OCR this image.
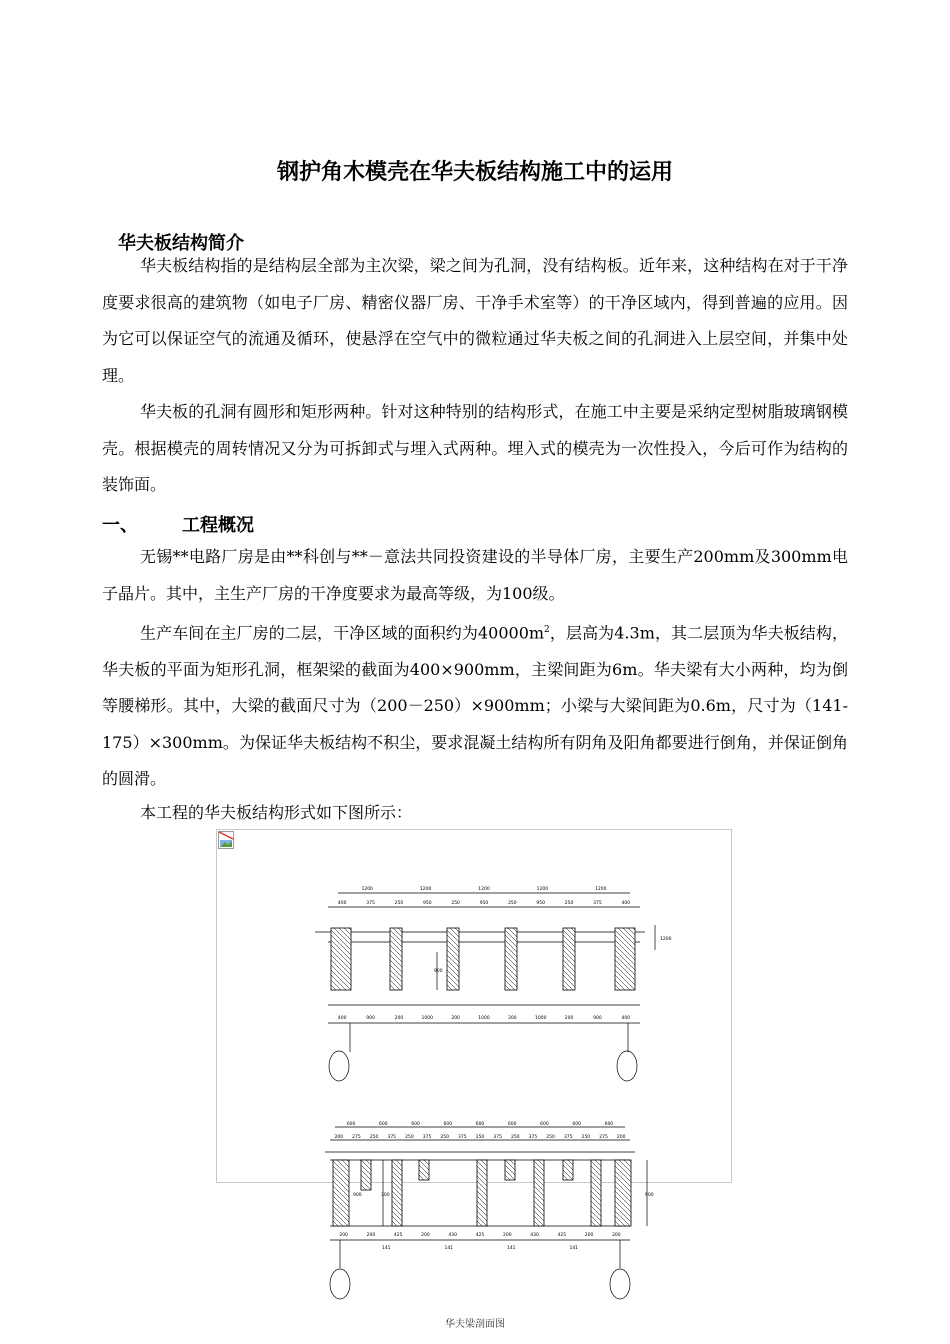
钢护角木模壳在华夫板结构施工中的运用
华夫板结构简介
华夫板结构指的是结构层全部为主次梁，梁之间为孔洞，没有结构板。近年来，这种结构在对于干净度要求很高的建筑物（如电子厂房、精密仪器厂房、干净手术室等）的干净区域内，得到普遍的应用。因为它可以保证空气的流通及循环，使悬浮在空气中的微粒通过华夫板之间的孔洞进入上层空间，并集中处理。
华夫板的孔洞有圆形和矩形两种。针对这种特别的结构形式，在施工中主要是采纳定型树脂玻璃钢模壳。根据模壳的周转情况又分为可拆卸式与埋入式两种。埋入式的模壳为一次性投入，今后可作为结构的装饰面。
一、 工程概况
无锡**电路厂房是由**科创与**－意法共同投资建设的半导体厂房，主要生产200mm及300mm电子晶片。其中，主生产厂房的干净度要求为最高等级，为100级。
生产车间在主厂房的二层，干净区域的面积约为$40000m^2$，层高为4.3m，其二层顶为华夫板结构，华夫板的平面为矩形孔洞，框架梁的截面为400×900mm，主梁间距为6m。华夫梁有大小两种，均为倒等腰梯形。其中，大梁的截面尺寸为（200－250）×900mm；小梁与大梁间距为0.6m，尺寸为（141-175）×300mm。为保证华夫板结构不积尘，要求混凝土结构所有阴角及阳角都要进行倒角，并保证倒角的圆滑。
本工程的华夫板结构形式如下图所示：
1200	1200	1200	1200	1200
400	375	250	950	250	950	250	950	250	375	400
400	900	200	1000	200	1000	200	1000	200	900	400
900
1200
600	600	600	600	600	600	600	600	600
200 275 250 375 250 375 250 375 250 375 250 375 250 375 250 275 200
200	200	425	200	430	425	200	430	425	200	200
141	141	141	141
900	300	900
华夫梁剖面图
